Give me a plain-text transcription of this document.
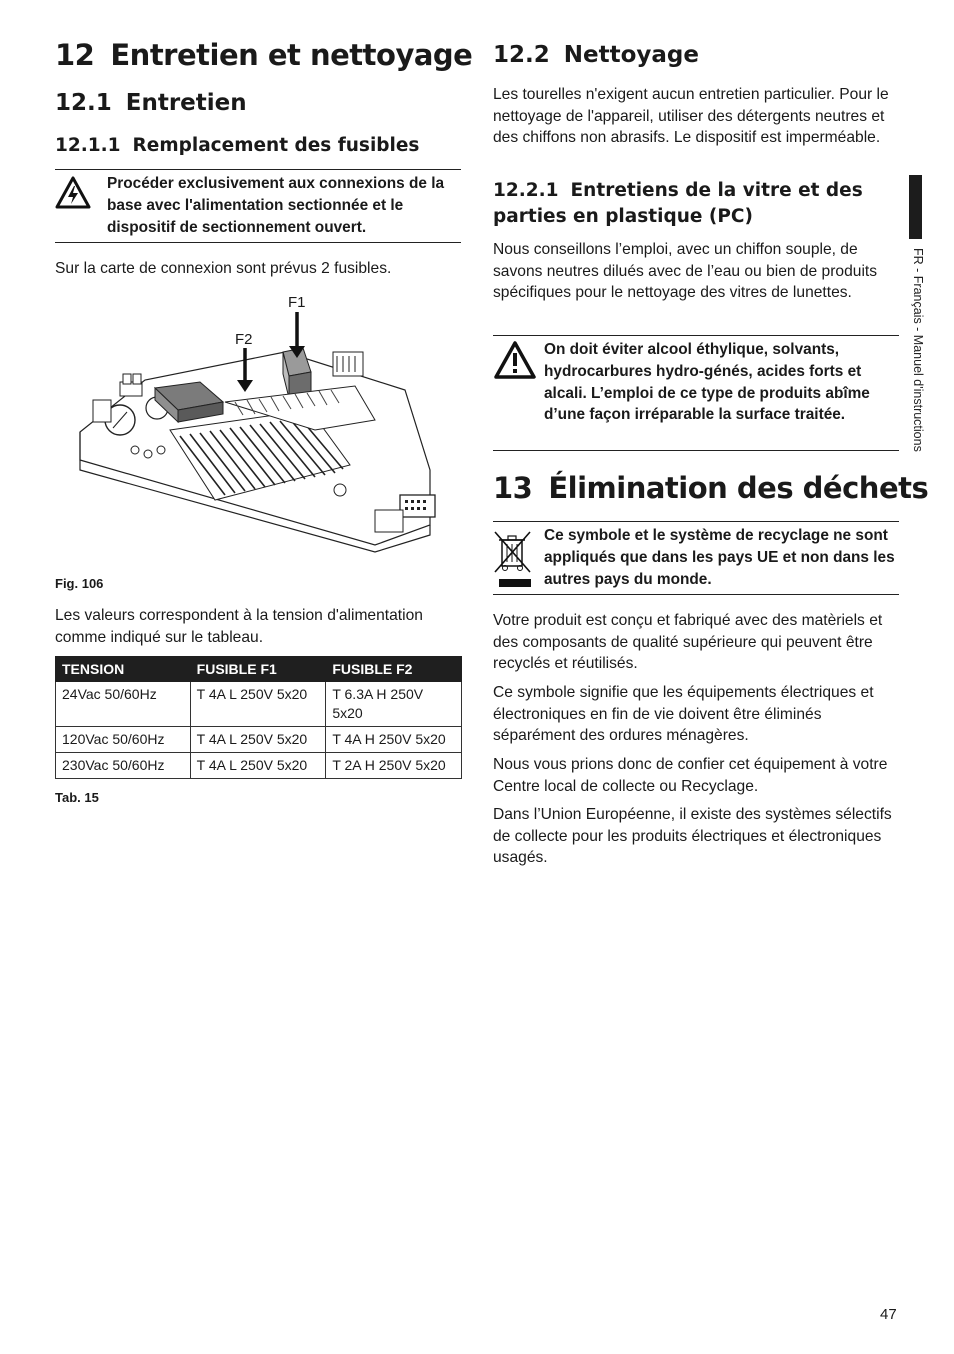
12 Entretien et nettoyage
12.1 Entretien
12.1.1 Remplacement des fusibles
Procéder exclusivement aux connexions de la base avec l'alimentation sectionnée et le dispositif de sectionnement ouvert.
Sur la carte de connexion sont prévus 2 fusibles.
F1
F2
Fig. 106
Les valeurs correspondent à la tension d'alimentation comme indiqué sur le tableau.
TENSION	FUSIBLE F1	FUSIBLE F2
24Vac 50/60Hz	T 4A L 250V 5x20	T 6.3A H 250V 5x20
120Vac 50/60Hz	T 4A L 250V 5x20	T 4A H 250V 5x20
230Vac 50/60Hz	T 4A L 250V 5x20	T 2A H 250V 5x20
Tab. 15
12.2 Nettoyage
Les tourelles n'exigent aucun entretien particulier. Pour le nettoyage de l'appareil, utiliser des détergents neutres et des chiffons non abrasifs. Le dispositif est imperméable.
12.2.1 Entretiens de la vitre et des
parties en plastique (PC)
Nous conseillons l’emploi, avec un chiffon souple, de savons neutres dilués avec de l’eau ou bien de produits spécifiques pour le nettoyage des vitres de lunettes.
On doit éviter alcool éthylique, solvants, hydrocarbures hydro-génés, acides forts et alcali. L’emploi de ce type de produits abîme d’une façon irréparable la surface traitée.
13 Élimination des déchets
Ce symbole et le système de recyclage ne sont appliqués que dans les pays UE et non dans les autres pays du monde.
Votre produit est conçu et fabriqué avec des matèriels et des composants de qualité supérieure qui peuvent être recyclés et réutilisés.
Ce symbole signifie que les équipements électriques et électroniques en fin de vie doivent être éliminés séparément des ordures ménagères.
Nous vous prions donc de confier cet équipement à votre Centre local de collecte ou Recyclage.
Dans l’Union Européenne, il existe des systèmes sélectifs de collecte pour les produits électriques et électroniques usagés.
FR - Français - Manuel d'instructions
47
